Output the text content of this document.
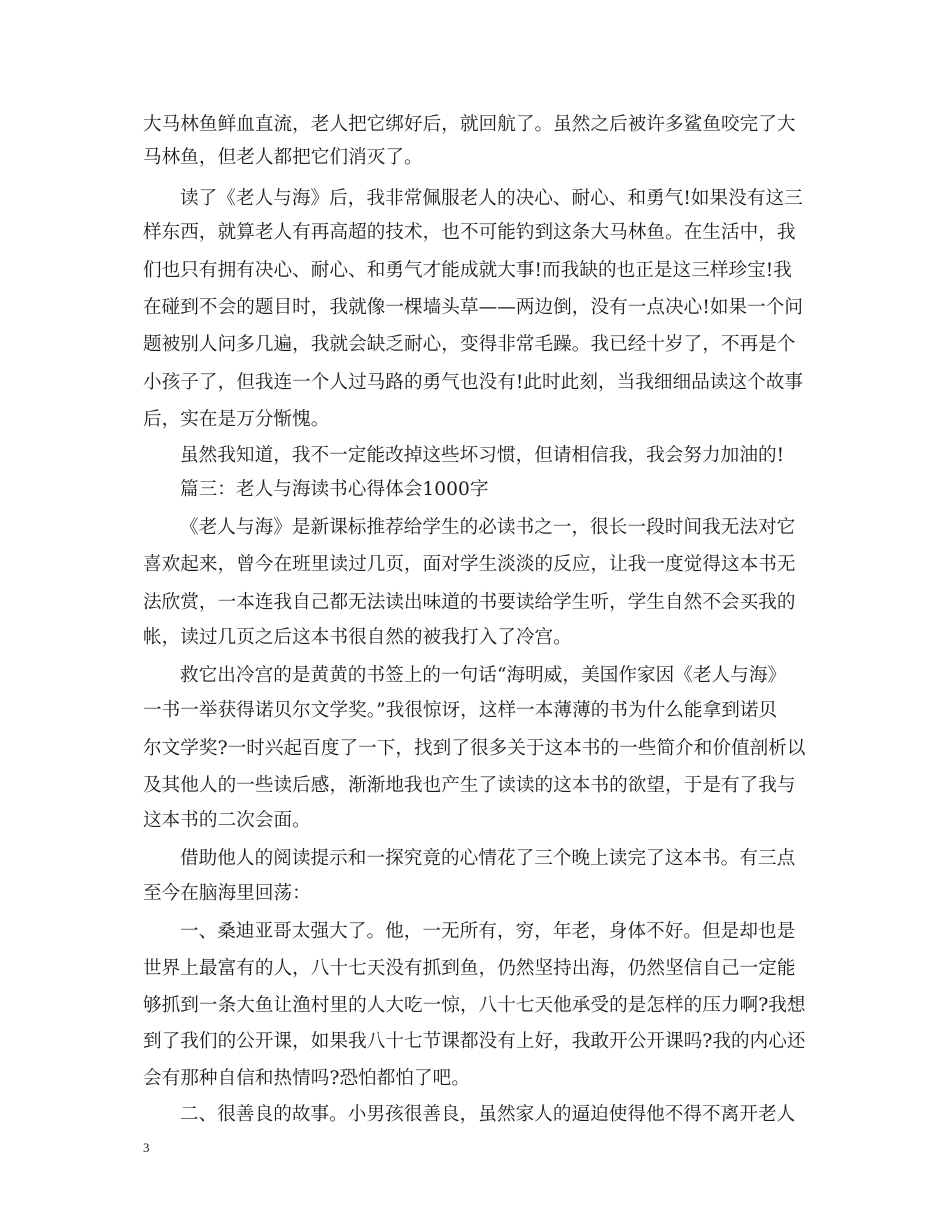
大马林鱼鲜血直流，老人把它绑好后，就回航了。虽然之后被许多鲨鱼咬完了大
马林鱼，但老人都把它们消灭了。
读了《老人与海》后，我非常佩服老人的决心、耐心、和勇气!如果没有这三
样东西，就算老人有再高超的技术，也不可能钓到这条大马林鱼。在生活中，我
们也只有拥有决心、耐心、和勇气才能成就大事!而我缺的也正是这三样珍宝!我
在碰到不会的题目时，我就像一棵墙头草——两边倒，没有一点决心!如果一个问
题被别人问多几遍，我就会缺乏耐心，变得非常毛躁。我已经十岁了，不再是个
小孩子了，但我连一个人过马路的勇气也没有!此时此刻，当我细细品读这个故事
后，实在是万分惭愧。
虽然我知道，我不一定能改掉这些坏习惯，但请相信我，我会努力加油的!
篇三：老人与海读书心得体会1000字
《老人与海》是新课标推荐给学生的必读书之一，很长一段时间我无法对它
喜欢起来，曾今在班里读过几页，面对学生淡淡的反应，让我一度觉得这本书无
法欣赏，一本连我自己都无法读出味道的书要读给学生听，学生自然不会买我的
帐，读过几页之后这本书很自然的被我打入了冷宫。
救它出冷宫的是黄黄的书签上的一句话“海明威，美国作家因《老人与海》
一书一举获得诺贝尔文学奖。”我很惊讶，这样一本薄薄的书为什么能拿到诺贝
尔文学奖?一时兴起百度了一下，找到了很多关于这本书的一些简介和价值剖析以
及其他人的一些读后感，渐渐地我也产生了读读的这本书的欲望，于是有了我与
这本书的二次会面。
借助他人的阅读提示和一探究竟的心情花了三个晚上读完了这本书。有三点
至今在脑海里回荡：
一、桑迪亚哥太强大了。他，一无所有，穷，年老，身体不好。但是却也是
世界上最富有的人，八十七天没有抓到鱼，仍然坚持出海，仍然坚信自己一定能
够抓到一条大鱼让渔村里的人大吃一惊，八十七天他承受的是怎样的压力啊?我想
到了我们的公开课，如果我八十七节课都没有上好，我敢开公开课吗?我的内心还
会有那种自信和热情吗?恐怕都怕了吧。
二、很善良的故事。小男孩很善良，虽然家人的逼迫使得他不得不离开老人
3
